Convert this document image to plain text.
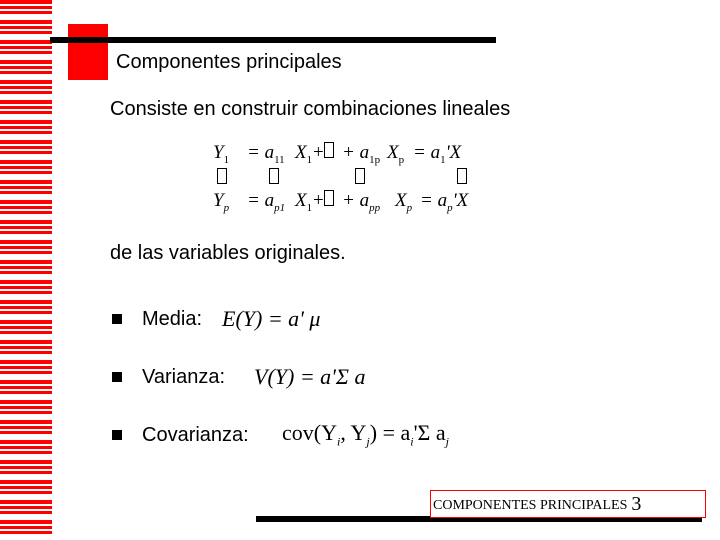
Componentes principales
Consiste en construir combinaciones lineales
$Y_1 = a_{11}$ $X_1$ + + $a_{1p}$ $X_p = a_1'X$
$Y_p = a_{p1}$ $X_1$ + + $a_{pp}$ $X_p = a_p'X$
de las variables originales.
Media: E(Y) = a' μ
Varianza: V(Y) = a'Σ a
Covarianza: $cov(Y_i$, $Y_j) = a_i'\Sigma$ $a_j$
COMPONENTES PRINCIPALES 3
